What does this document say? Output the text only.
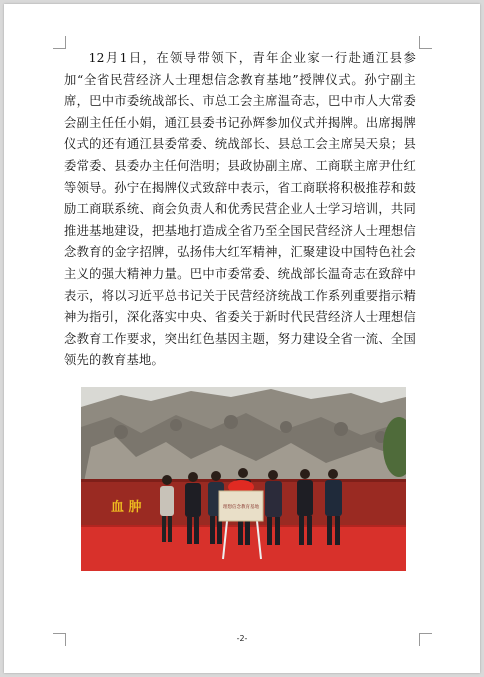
12月1日，在领导带领下，青年企业家一行赴通江县参加“全省民营经济人士理想信念教育基地”授牌仪式。孙宁副主席，巴中市委统战部长、市总工会主席温奇志，巴中市人大常委会副主任任小娟，通江县委书记孙辉参加仪式并揭牌。出席揭牌仪式的还有通江县委常委、统战部长、县总工会主席吴天泉；县委常委、县委办主任何浩明；县政协副主席、工商联主席尹仕红等领导。孙宁在揭牌仪式致辞中表示，省工商联将积极推荐和鼓励工商联系统、商会负责人和优秀民营企业人士学习培训，共同推进基地建设，把基地打造成全省乃至全国民营经济人士理想信念教育的金字招牌，弘扬伟大红军精神，汇聚建设中国特色社会主义的强大精神力量。巴中市委常委、统战部长温奇志在致辞中表示，将以习近平总书记关于民营经济统战工作系列重要指示精神为指引，深化落实中央、省委关于新时代民营经济人士理想信念教育工作要求，突出红色基因主题，努力建设全省一流、全国领先的教育基地。

理想信念教育基地
血 肿
-2-
